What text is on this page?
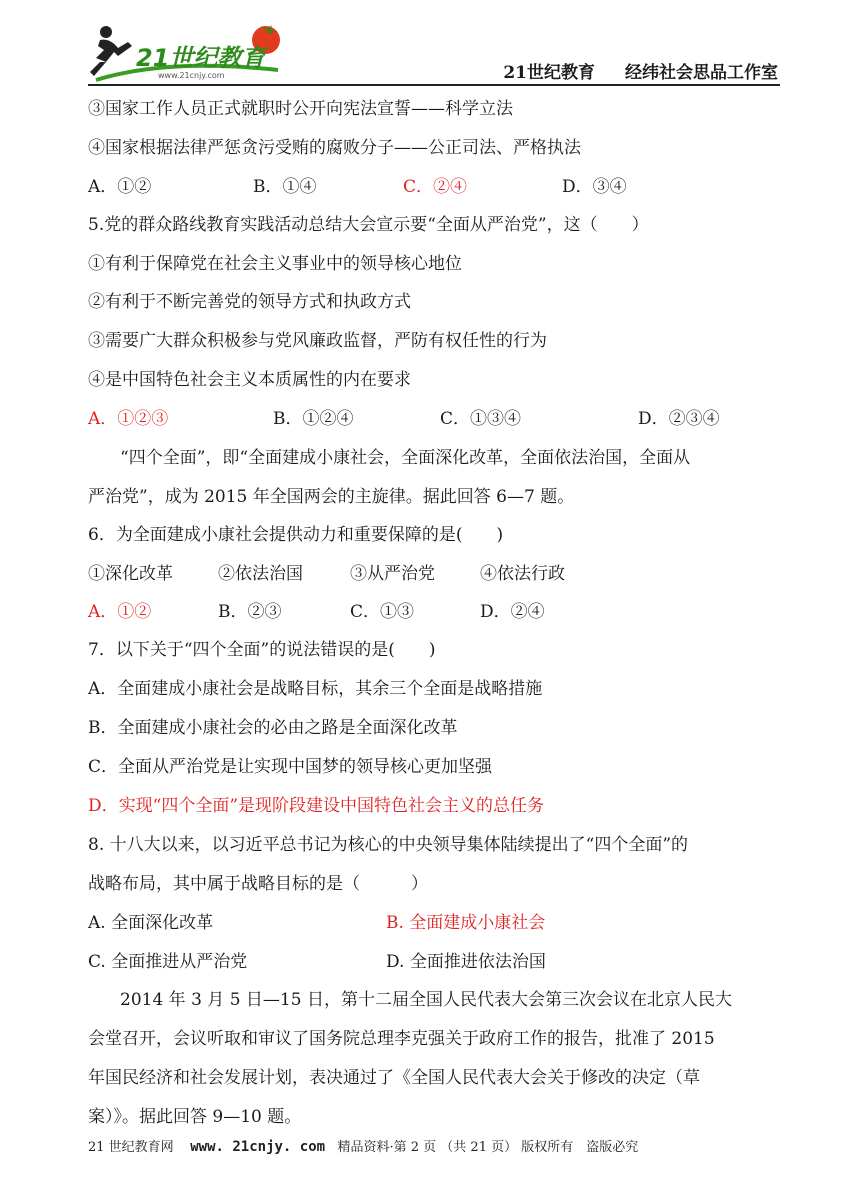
21世纪教育
www.21cnjy.com	21世纪教育 经纬社会思品工作室
③国家工作人员正式就职时公开向宪法宣誓——科学立法
④国家根据法律严惩贪污受贿的腐败分子——公正司法、严格执法
A．①②	B．①④	C．②④	D．③④
5.党的群众路线教育实践活动总结大会宣示要“全面从严治党”，这（　　）
①有利于保障党在社会主义事业中的领导核心地位
②有利于不断完善党的领导方式和执政方式
③需要广大群众积极参与党风廉政监督，严防有权任性的行为
④是中国特色社会主义本质属性的内在要求
A．①②③	B．①②④	C．①③④	D．②③④
“四个全面”，即“全面建成小康社会，全面深化改革，全面依法治国，全面从
严治党”，成为 2015 年全国两会的主旋律。据此回答 6—7 题。
6．为全面建成小康社会提供动力和重要保障的是(　　)
①深化改革	②依法治国	③从严治党	④依法行政
A．①②	B．②③	C．①③	D．②④
7．以下关于“四个全面”的说法错误的是(　　)
A．全面建成小康社会是战略目标，其余三个全面是战略措施
B．全面建成小康社会的必由之路是全面深化改革
C．全面从严治党是让实现中国梦的领导核心更加坚强
D．实现“四个全面”是现阶段建设中国特色社会主义的总任务
8. 十八大以来，以习近平总书记为核心的中央领导集体陆续提出了“四个全面”的
战略布局，其中属于战略目标的是（　　　）
A. 全面深化改革	B. 全面建成小康社会
C. 全面推进从严治党	D. 全面推进依法治国
2014 年 3 月 5 日—15 日，第十二届全国人民代表大会第三次会议在北京人民大
会堂召开，会议听取和审议了国务院总理李克强关于政府工作的报告，批准了 2015
年国民经济和社会发展计划，表决通过了《全国人民代表大会关于修改的决定（草
案）》。据此回答 9—10 题。
21 世纪教育网 www. 21cnjy. com 精品资料·第 2 页 （共 21 页） 版权所有　盗版必究
